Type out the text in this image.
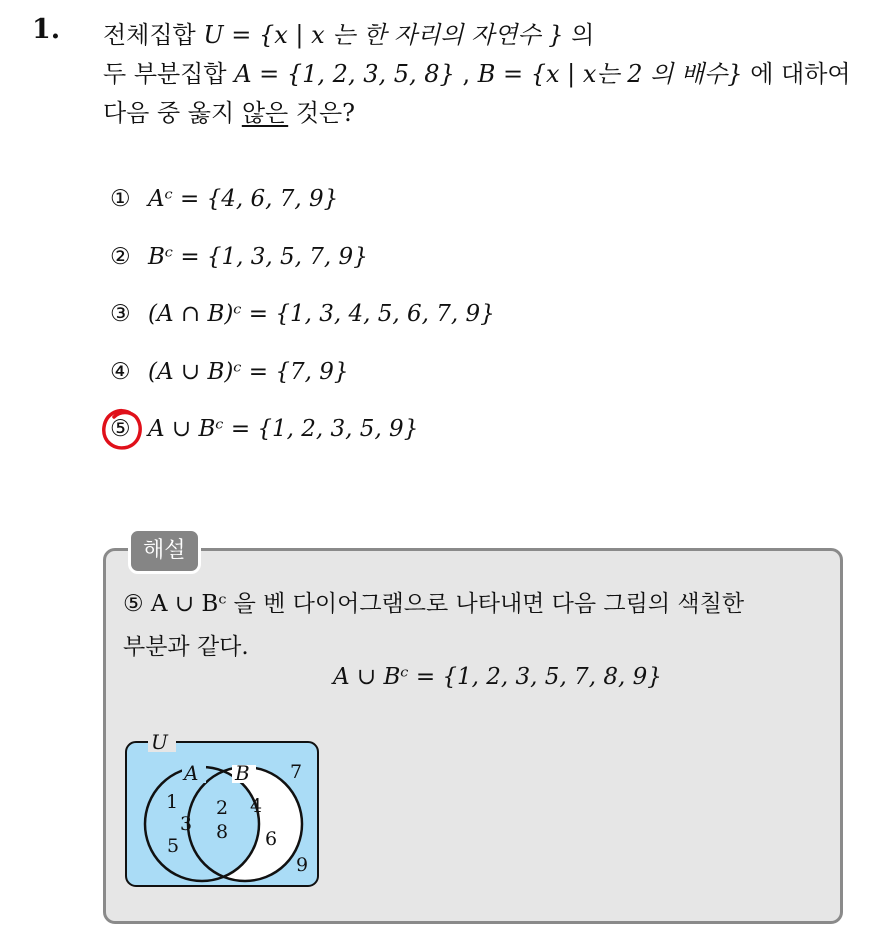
1. 전체집합 U = {x | x 는 한 자리의 자연수 } 의
두 부분집합 A = {1, 2, 3, 5, 8} , B = {x | x는 2 의 배수} 에 대하여
다음 중 옳지 않은 것은?
① Aᶜ = {4, 6, 7, 9}
② Bᶜ = {1, 3, 5, 7, 9}
③ (A ∩ B)ᶜ = {1, 3, 4, 5, 6, 7, 9}
④ (A ∪ B)ᶜ = {7, 9}
⑤ A ∪ Bᶜ = {1, 2, 3, 5, 9}
해설
⑤ A ∪ Bᶜ 을 벤 다이어그램으로 나타내면 다음 그림의 색칠한
부분과 같다.
A ∪ Bᶜ = {1, 2, 3, 5, 7, 8, 9}
U
A B 7
1
3
5
2
8
4
6
9
